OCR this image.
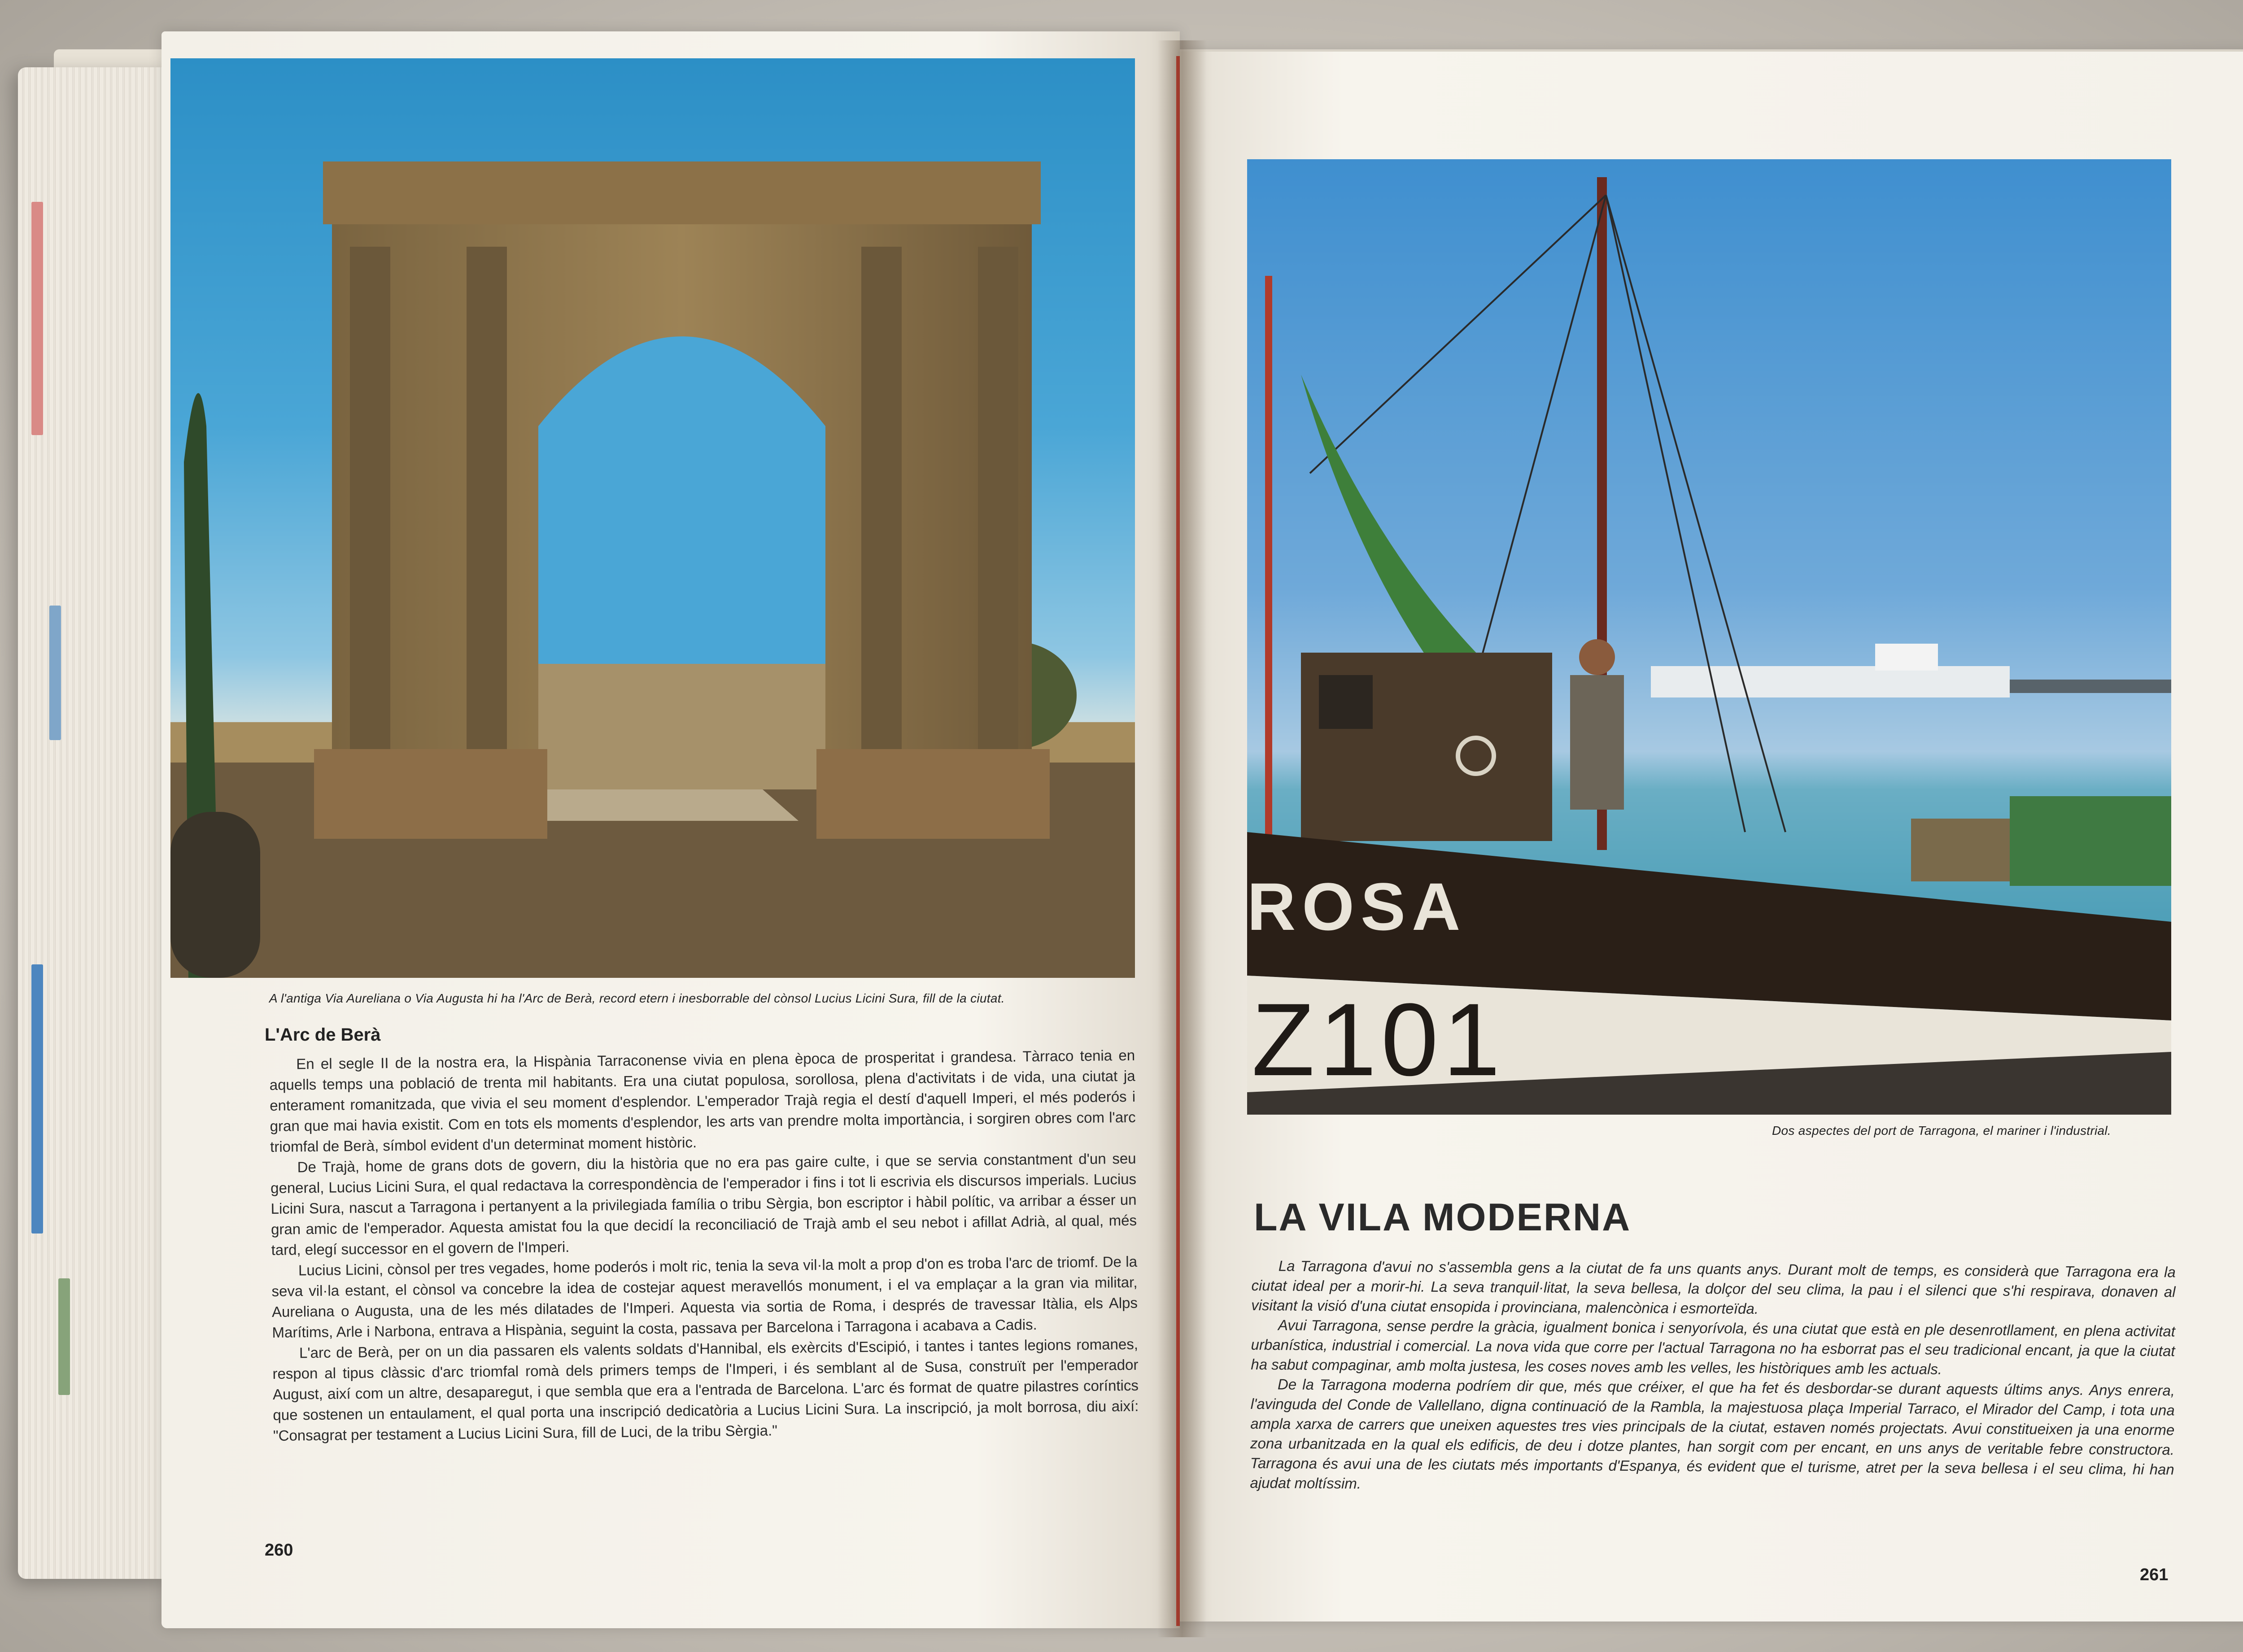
A l'antiga Via Aureliana o Via Augusta hi ha l'Arc de Berà, record etern i inesborrable del cònsol Lucius Licini Sura, fill de la ciutat.
L'Arc de Berà

En el segle II de la nostra era, la Hispània Tarraconense vivia en plena època de prosperitat i grandesa. Tàrraco tenia en aquells temps una població de trenta mil habitants. Era una ciutat populosa, sorollosa, plena d'activitats i de vida, una ciutat ja enterament romanitzada, que vivia el seu moment d'esplendor. L'emperador Trajà regia el destí d'aquell Imperi, el més poderós i gran que mai havia existit. Com en tots els moments d'esplendor, les arts van prendre molta importància, i sorgiren obres com l'arc triomfal de Berà, símbol evident d'un determinat moment històric.

De Trajà, home de grans dots de govern, diu la història que no era pas gaire culte, i que se servia constantment d'un seu general, Lucius Licini Sura, el qual redactava la correspondència de l'emperador i fins i tot li escrivia els discursos imperials. Lucius Licini Sura, nascut a Tarragona i pertanyent a la privilegiada família o tribu Sèrgia, bon escriptor i hàbil polític, va arribar a ésser un gran amic de l'emperador. Aquesta amistat fou la que decidí la reconciliació de Trajà amb el seu nebot i afillat Adrià, al qual, més tard, elegí successor en el govern de l'Imperi.

Lucius Licini, cònsol per tres vegades, home poderós i molt ric, tenia la seva vil·la molt a prop d'on es troba l'arc de triomf. De la seva vil·la estant, el cònsol va concebre la idea de costejar aquest meravellós monument, i el va emplaçar a la gran via militar, Aureliana o Augusta, una de les més dilatades de l'Imperi. Aquesta via sortia de Roma, i després de travessar Itàlia, els Alps Marítims, Arle i Narbona, entrava a Hispània, seguint la costa, passava per Barcelona i Tarragona i acabava a Cadis.

L'arc de Berà, per on un dia passaren els valents soldats d'Hannibal, els exèrcits d'Escipió, i tantes i tantes legions romanes, respon al tipus clàssic d'arc triomfal romà dels primers temps de l'Imperi, i és semblant al de Susa, construït per l'emperador August, així com un altre, desaparegut, i que sembla que era a l'entrada de Barcelona. L'arc és format de quatre pilastres coríntics que sostenen un entaulament, el qual porta una inscripció dedicatòria a Lucius Licini Sura. La inscripció, ja molt borrosa, diu així: "Consagrat per testament a Lucius Licini Sura, fill de Luci, de la tribu Sèrgia."

260
ROSA
Z101
Dos aspectes del port de Tarragona, el mariner i l'industrial.
LA VILA MODERNA

La Tarragona d'avui no s'assembla gens a la ciutat de fa uns quants anys. Durant molt de temps, es considerà que Tarragona era la ciutat ideal per a morir-hi. La seva tranquil·litat, la seva bellesa, la dolçor del seu clima, la pau i el silenci que s'hi respirava, donaven al visitant la visió d'una ciutat ensopida i provinciana, malencònica i esmorteïda.

Avui Tarragona, sense perdre la gràcia, igualment bonica i senyorívola, és una ciutat que està en ple desenrotllament, en plena activitat urbanística, industrial i comercial. La nova vida que corre per l'actual Tarragona no ha esborrat pas el seu tradicional encant, ja que la ciutat ha sabut compaginar, amb molta justesa, les coses noves amb les velles, les històriques amb les actuals.

De la Tarragona moderna podríem dir que, més que créixer, el que ha fet és desbordar-se durant aquests últims anys. Anys enrera, l'avinguda del Conde de Vallellano, digna continuació de la Rambla, la majestuosa plaça Imperial Tarraco, el Mirador del Camp, i tota una ampla xarxa de carrers que uneixen aquestes tres vies principals de la ciutat, estaven només projectats. Avui constitueixen ja una enorme zona urbanitzada en la qual els edificis, de deu i dotze plantes, han sorgit com per encant, en uns anys de veritable febre constructora. Tarragona és avui una de les ciutats més importants d'Espanya, és evident que el turisme, atret per la seva bellesa i el seu clima, hi han ajudat moltíssim.

261
